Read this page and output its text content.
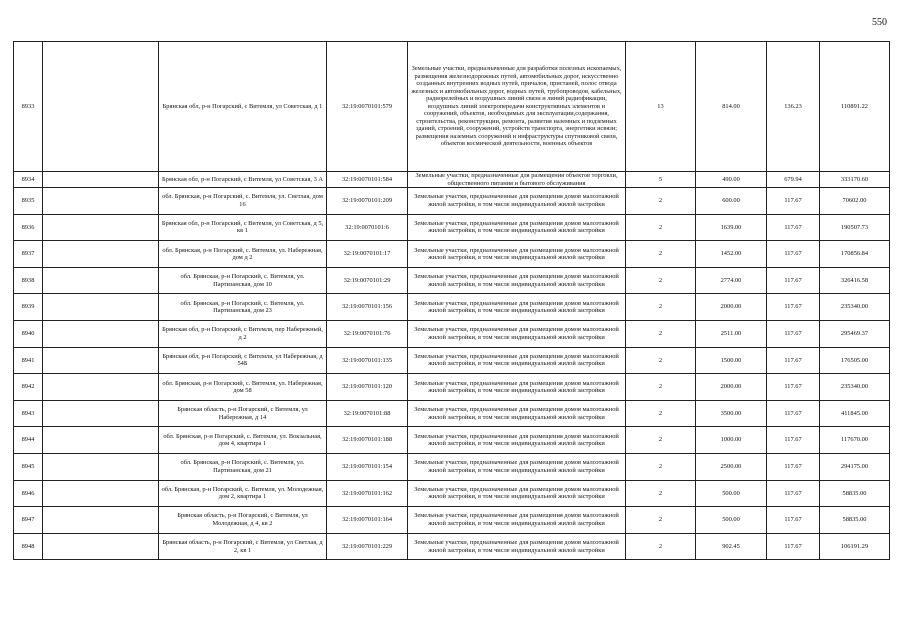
550
8933		Брянская обл, р-н Погарский, с Витемля, ул Советская, д 1	32:19:0070101:579	Земельные участки, предназначенные для разработки полезных ископаемых, размещения железнодорожных путей, автомобильных дорог, искусственно созданных внутренних водных путей, причалов, пристаней, полос отвода железных и автомобильных дорог, водных путей, трубопроводов, кабельных, радиорелейных и воздушных линий связи и линий радиофикации, воздушных линий электропередачи конструктивных элементов и сооружений, объектов, необходимых для эксплуатации,содержания, строительства, реконструкции, ремонта, развития наземных и подземных зданий, строений, сооружений, устройств транспорта, энергетики исвязи; размещения наземных сооружений и инфраструктуры спутниковой связи, объектов космической деятельности, военных объектов	13	814.00	136.23	110891.22
8934		Брянская обл, р-н Погарский, с Витемля, ул Советская, 3 А	32:19:0070101:584	Земельные участки, предназначенные для размещения объектов торговли, общественного питания и бытового обслуживания	5	490.00	679.94	333170.60
8935		обл. Брянская, р-н Погарский, с. Витемля, ул. Светлая, дом 16	32:19:0070101:209	Земельные участки, предназначенные для размещения домов малоэтажной жилой застройки, в том числе индивидуальной жилой застройки	2	600.00	117.67	70602.00
8936		Брянская обл, р-н Погарский, с Витемля, ул Советская, д 5, кв 1	32:19:0070101:6	Земельные участки, предназначенные для размещения домов малоэтажной жилой застройки, в том числе индивидуальной жилой застройки	2	1639.00	117.67	190507.73
8937		обл. Брянская, р-н Погарский, с. Витемля, ул. Набережная, дом д 2	32:19:0070101:17	Земельные участки, предназначенные для размещения домов малоэтажной жилой застройки, в том числе индивидуальной жилой застройки	2	1452.00	117.67	170856.84
8938		обл. Брянская, р-н Погарский, с. Витемля, ул. Партизанская, дом 10	32:19:0070101:29	Земельные участки, предназначенные для размещения домов малоэтажной жилой застройки, в том числе индивидуальной жилой застройки	2	2774.00	117.67	326416.58
8939		обл. Брянская, р-н Погарский, с. Витемля, ул. Партизанская, дом 23	32:19:0070101:156	Земельные участки, предназначенные для размещения домов малоэтажной жилой застройки, в том числе индивидуальной жилой застройки	2	2000.00	117.67	235340.00
8940		Брянская обл, р-н Погарский, с Витемля, пер Набережный, д 2	32:19:0070101:76	Земельные участки, предназначенные для размещения домов малоэтажной жилой застройки, в том числе индивидуальной жилой застройки	2	2511.00	117.67	295469.37
8941		Брянская обл, р-н Погарский, с Витемля, ул Набережная, д 54Б	32:19:0070101:135	Земельные участки, предназначенные для размещения домов малоэтажной жилой застройки, в том числе индивидуальной жилой застройки	2	1500.00	117.67	176505.00
8942		обл. Брянская, р-н Погарский, с. Витемля, ул. Набережная, дом 58	32:19:0070101:120	Земельные участки, предназначенные для размещения домов малоэтажной жилой застройки, в том числе индивидуальной жилой застройки	2	2000.00	117.67	235340.00
8943		Брянская область, р-н Погарский, с Витемля, ул Набережная, д 14	32:19:0070101:88	Земельные участки, предназначенные для размещения домов малоэтажной жилой застройки, в том числе индивидуальной жилой застройки	2	3500.00	117.67	411845.00
8944		обл. Брянская, р-н Погарский, с. Витемля, ул. Вокзальная, дом 4, квартира 1	32:19:0070101:188	Земельные участки, предназначенные для размещения домов малоэтажной жилой застройки, в том числе индивидуальной жилой застройки	2	1000.00	117.67	117670.00
8945		обл. Брянская, р-н Погарский, с. Витемля, ул. Партизанская, дом 21	32:19:0070101:154	Земельные участки, предназначенные для размещения домов малоэтажной жилой застройки, в том числе индивидуальной жилой застройки	2	2500.00	117.67	294175.00
8946		обл. Брянская, р-н Погарский, с. Витемля, ул. Молодежная, дом 2, квартира 1	32:19:0070101:162	Земельные участки, предназначенные для размещения домов малоэтажной жилой застройки, в том числе индивидуальной жилой застройки	2	500.00	117.67	58835.00
8947		Брянская область, р-н Погарский, с Витемля, ул Молодежная, д 4, кв 2	32:19:0070101:164	Земельные участки, предназначенные для размещения домов малоэтажной жилой застройки, в том числе индивидуальной жилой застройки	2	500.00	117.67	58835.00
8948		Брянская область, р-н Погарский, с Витемля, ул Светлая, д 2, кв 1	32:19:0070101:229	Земельные участки, предназначенные для размещения домов малоэтажной жилой застройки, в том числе индивидуальной жилой застройки	2	902.45	117.67	106191.29
